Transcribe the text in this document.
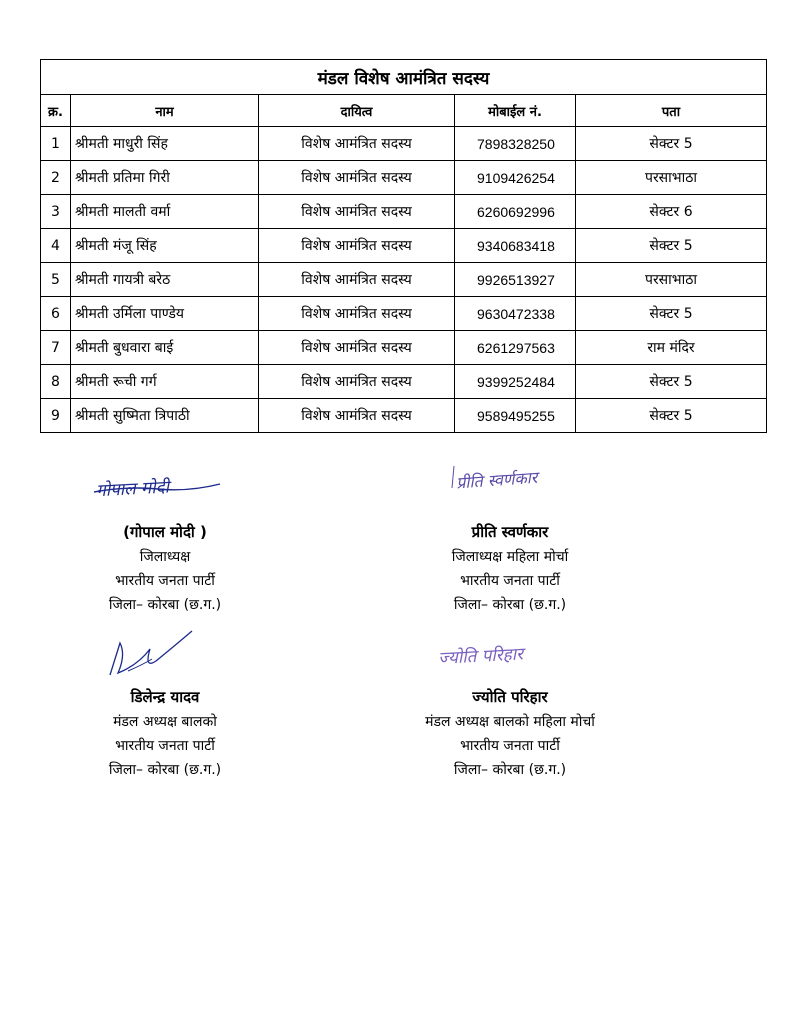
मंडल विशेष आमंत्रित सदस्य				
क्र.	नाम	दायित्व	मोबाईल नं.	पता
1	श्रीमती माधुरी सिंह	विशेष आमंत्रित सदस्य	7898328250	सेक्टर 5
2	श्रीमती प्रतिमा गिरी	विशेष आमंत्रित सदस्य	9109426254	परसाभाठा
3	श्रीमती मालती वर्मा	विशेष आमंत्रित सदस्य	6260692996	सेक्टर 6
4	श्रीमती मंजू सिंह	विशेष आमंत्रित सदस्य	9340683418	सेक्टर 5
5	श्रीमती गायत्री बरेठ	विशेष आमंत्रित सदस्य	9926513927	परसाभाठा
6	श्रीमती उर्मिला पाण्डेय	विशेष आमंत्रित सदस्य	9630472338	सेक्टर 5
7	श्रीमती बुधवारा बाई	विशेष आमंत्रित सदस्य	6261297563	राम मंदिर
8	श्रीमती रूची गर्ग	विशेष आमंत्रित सदस्य	9399252484	सेक्टर 5
9	श्रीमती सुष्मिता त्रिपाठी	विशेष आमंत्रित सदस्य	9589495255	सेक्टर 5
गोपाल मोदी	प्रीति स्वर्णकार
ज्योति परिहार
(गोपाल मोदी )
जिलाध्यक्ष
भारतीय जनता पार्टी
जिला– कोरबा (छ.ग.)
प्रीति स्वर्णकार
जिलाध्यक्ष महिला मोर्चा
भारतीय जनता पार्टी
जिला– कोरबा (छ.ग.)
डिलेन्द्र यादव
मंडल अध्यक्ष बालको
भारतीय जनता पार्टी
जिला– कोरबा (छ.ग.)
ज्योति परिहार
मंडल अध्यक्ष बालको महिला मोर्चा
भारतीय जनता पार्टी
जिला– कोरबा (छ.ग.)
